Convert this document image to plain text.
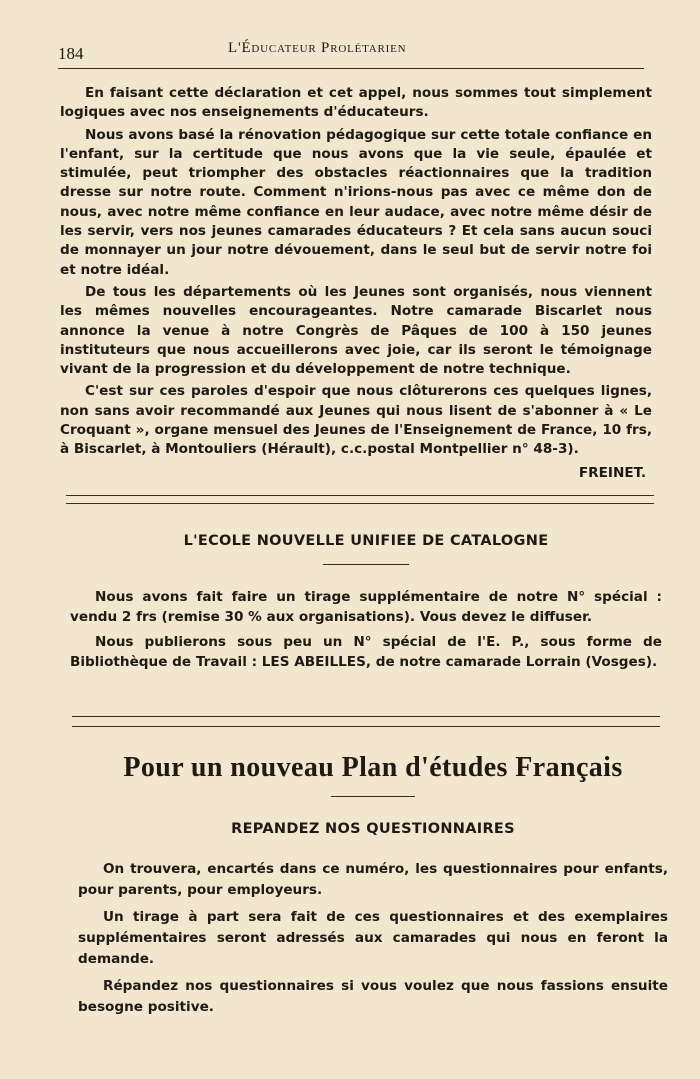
184	L'Éducateur Prolétarien

En faisant cette déclaration et cet appel, nous sommes tout simplement logiques avec nos enseignements d'éducateurs.

Nous avons basé la rénovation pédagogique sur cette totale confiance en l'enfant, sur la certitude que nous avons que la vie seule, épaulée et stimulée, peut triompher des obstacles réactionnaires que la tradition dresse sur notre route. Comment n'irions-nous pas avec ce même don de nous, avec notre même confiance en leur audace, avec notre même désir de les servir, vers nos jeunes camarades éducateurs ? Et cela sans aucun souci de monnayer un jour notre dévouement, dans le seul but de servir notre foi et notre idéal.

De tous les départements où les Jeunes sont organisés, nous viennent les mêmes nouvelles encourageantes. Notre camarade Biscarlet nous annonce la venue à notre Congrès de Pâques de 100 à 150 jeunes instituteurs que nous accueillerons avec joie, car ils seront le témoignage vivant de la progression et du développement de notre technique.

C'est sur ces paroles d'espoir que nous clôturerons ces quelques lignes, non sans avoir recommandé aux Jeunes qui nous lisent de s'abonner à « Le Croquant », organe mensuel des Jeunes de l'Enseignement de France, 10 frs, à Biscarlet, à Montouliers (Hérault), c.c.postal Montpellier n° 48-3).

FREINET.
L'ECOLE NOUVELLE UNIFIEE DE CATALOGNE

Nous avons fait faire un tirage supplémentaire de notre N° spécial : vendu 2 frs (remise 30 % aux organisations). Vous devez le diffuser.

Nous publierons sous peu un N° spécial de l'E. P., sous forme de Bibliothèque de Travail : LES ABEILLES, de notre camarade Lorrain (Vosges).

Pour un nouveau Plan d'études Français
REPANDEZ NOS QUESTIONNAIRES

On trouvera, encartés dans ce numéro, les questionnaires pour enfants, pour parents, pour employeurs.

Un tirage à part sera fait de ces questionnaires et des exemplaires supplémentaires seront adressés aux camarades qui nous en feront la demande.

Répandez nos questionnaires si vous voulez que nous fassions ensuite besogne positive.
